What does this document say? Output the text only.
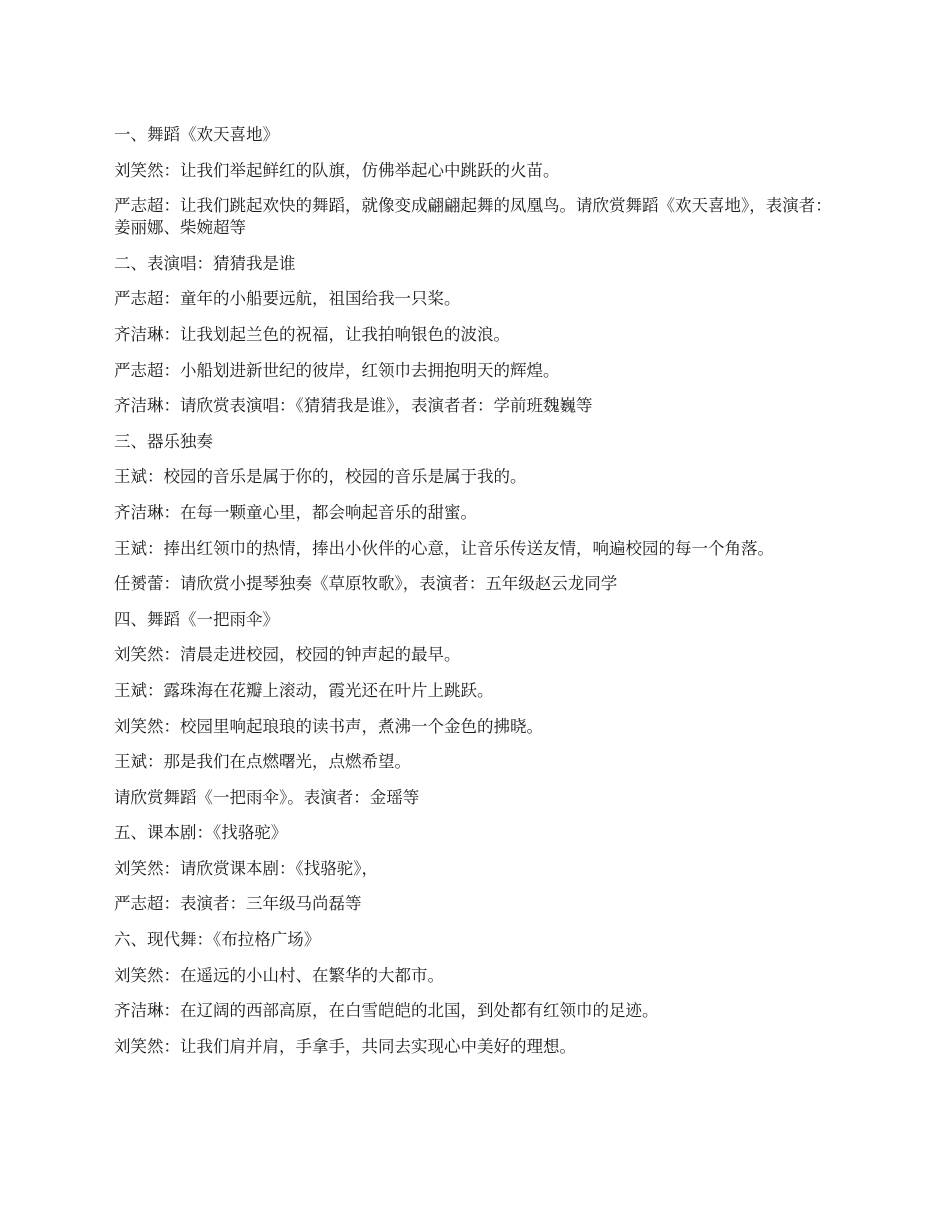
一、舞蹈《欢天喜地》

刘笑然：让我们举起鲜红的队旗，仿佛举起心中跳跃的火苗。

严志超：让我们跳起欢快的舞蹈，就像变成翩翩起舞的凤凰鸟。请欣赏舞蹈《欢天喜地》，表演者：姜丽娜、柴婉超等

二、表演唱：猜猜我是谁

严志超：童年的小船要远航，祖国给我一只桨。

齐洁琳：让我划起兰色的祝福，让我拍响银色的波浪。

严志超：小船划进新世纪的彼岸，红领巾去拥抱明天的辉煌。

齐洁琳：请欣赏表演唱：《猜猜我是谁》，表演者者：学前班魏巍等

三、器乐独奏

王斌：校园的音乐是属于你的，校园的音乐是属于我的。

齐洁琳：在每一颗童心里，都会响起音乐的甜蜜。

王斌：捧出红领巾的热情，捧出小伙伴的心意，让音乐传送友情，响遍校园的每一个角落。

任赟蕾：请欣赏小提琴独奏《草原牧歌》，表演者：五年级赵云龙同学

四、舞蹈《一把雨伞》

刘笑然：清晨走进校园，校园的钟声起的最早。

王斌：露珠海在花瓣上滚动，霞光还在叶片上跳跃。

刘笑然：校园里响起琅琅的读书声，煮沸一个金色的拂晓。

王斌：那是我们在点燃曙光，点燃希望。

请欣赏舞蹈《一把雨伞》。表演者：金瑶等

五、课本剧：《找骆驼》

刘笑然：请欣赏课本剧：《找骆驼》，

严志超：表演者：三年级马尚磊等

六、现代舞：《布拉格广场》

刘笑然：在遥远的小山村、在繁华的大都市。

齐洁琳：在辽阔的西部高原，在白雪皑皑的北国，到处都有红领巾的足迹。

刘笑然：让我们肩并肩，手拿手，共同去实现心中美好的理想。
